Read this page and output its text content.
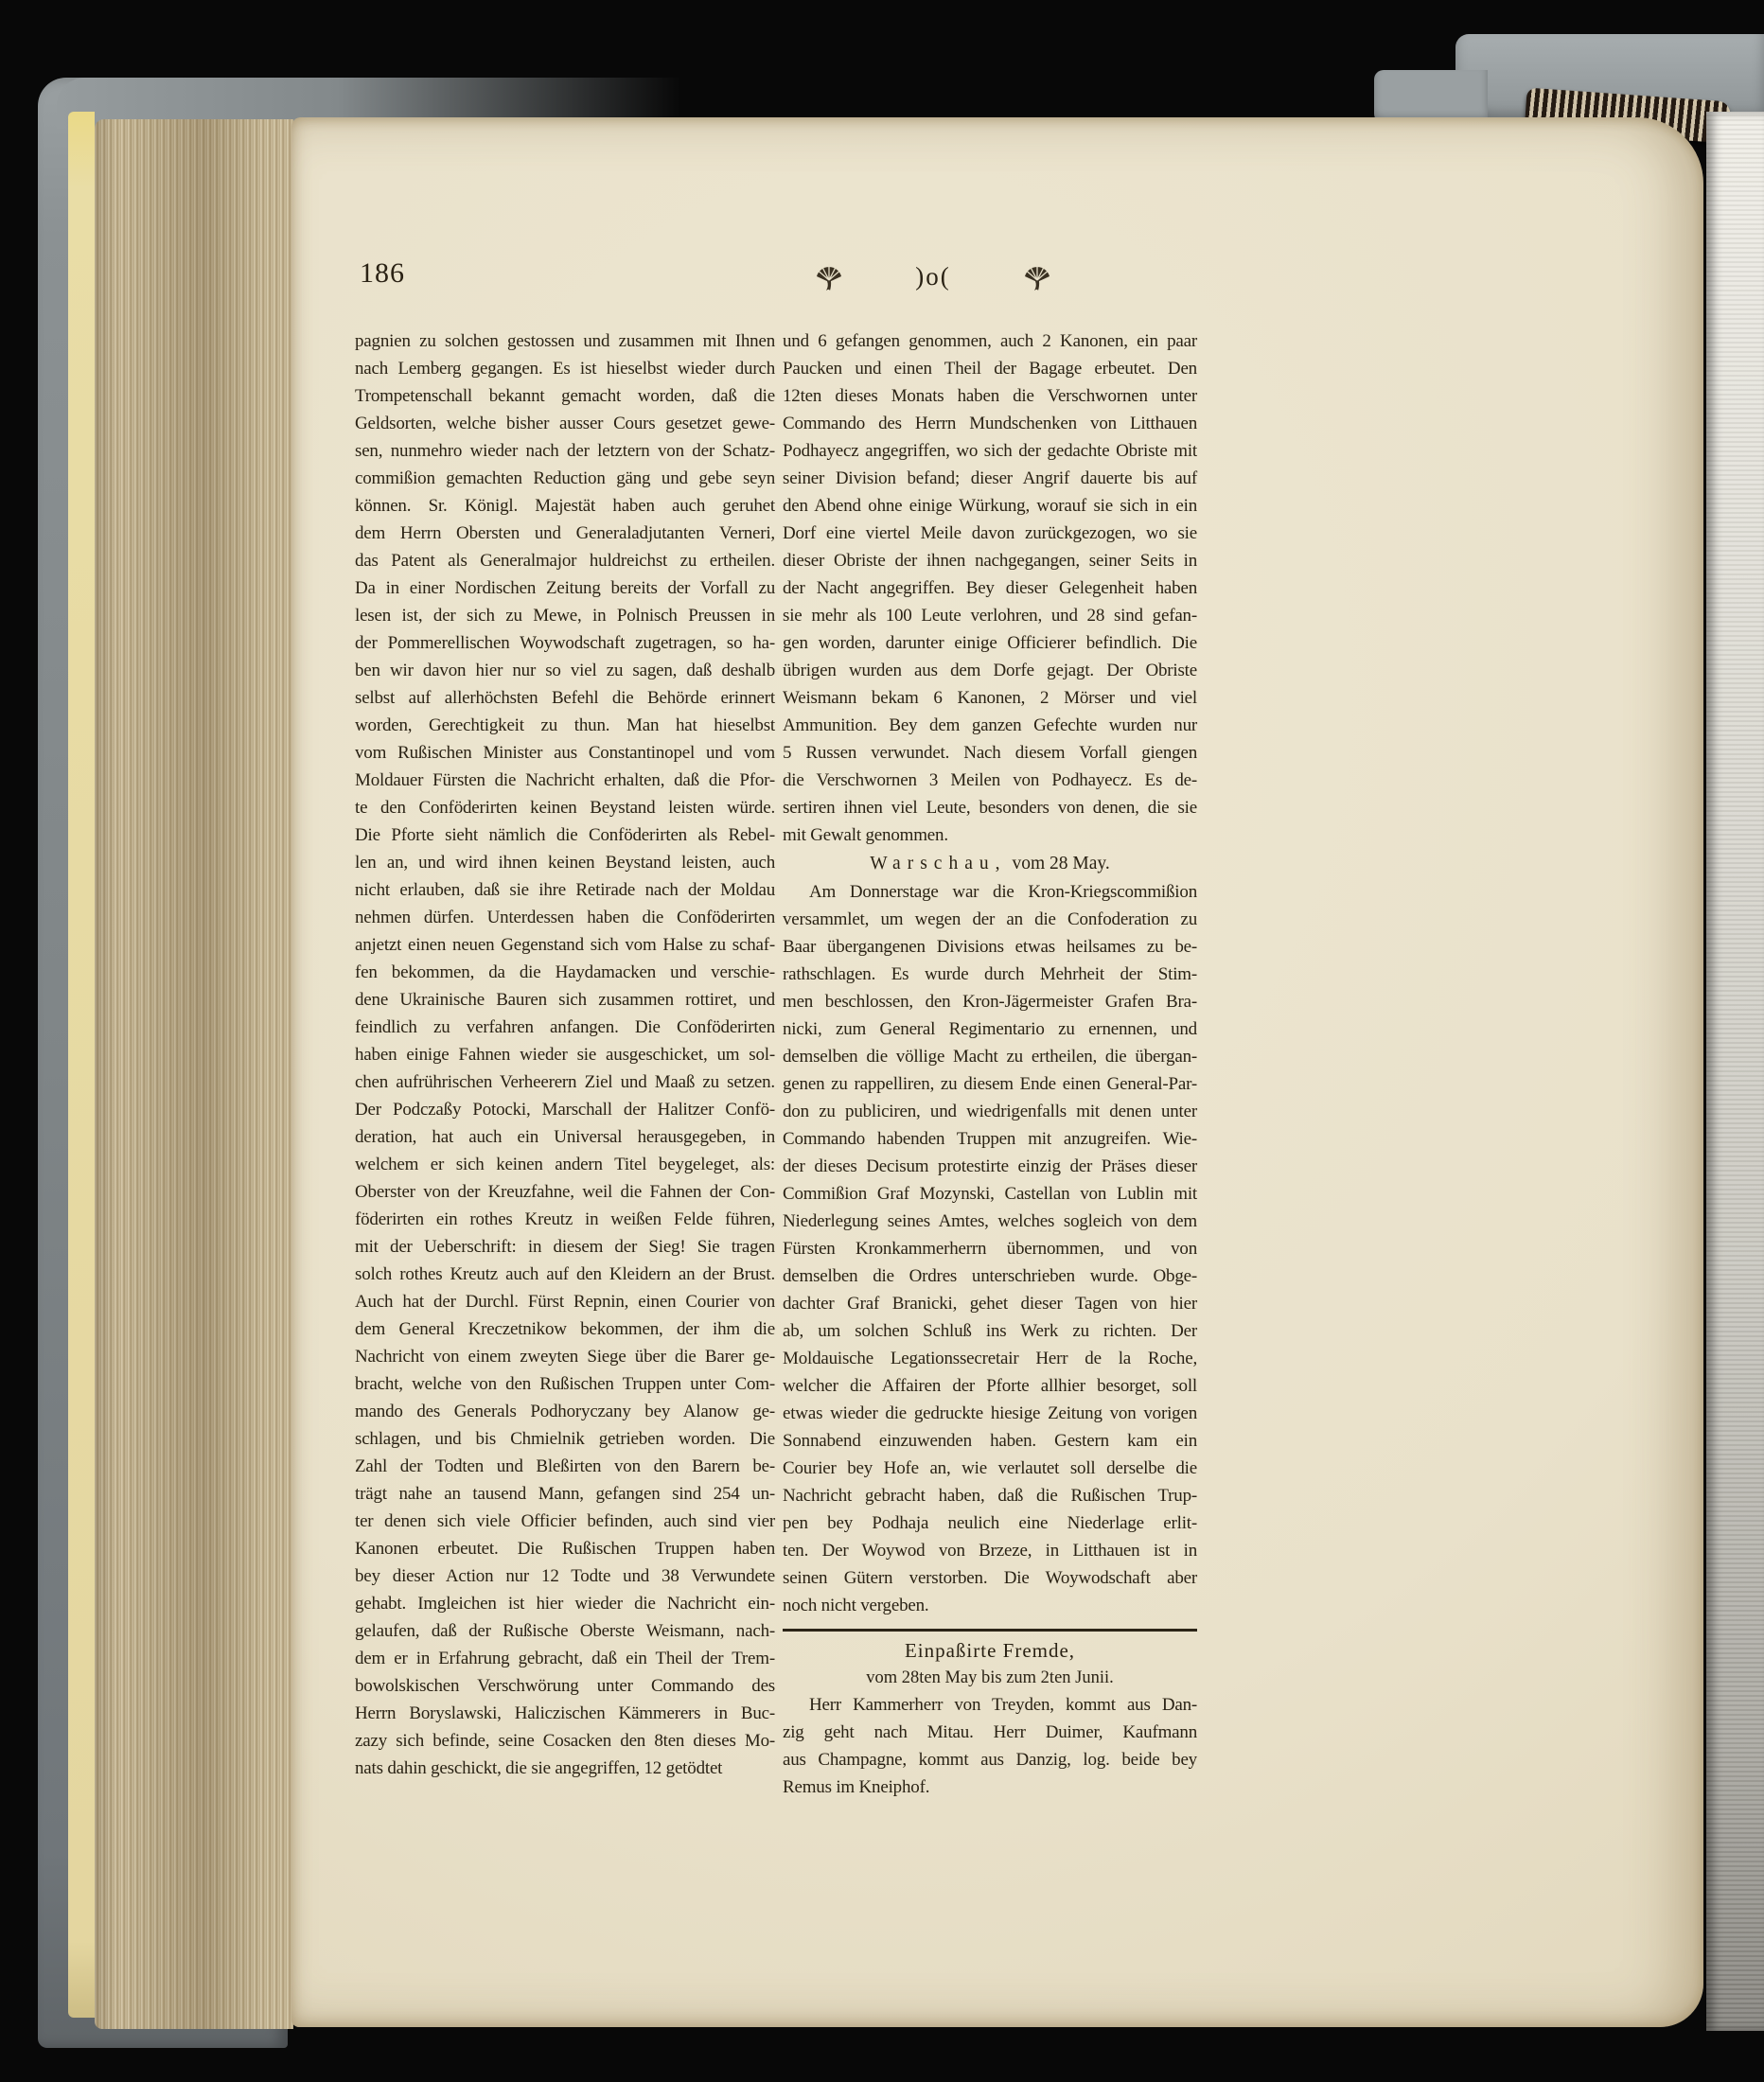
186	)o(
pagnien zu solchen gestossen und zusammen mit Ihnen
nach Lemberg gegangen. Es ist hieselbst wieder durch
Trompetenschall bekannt gemacht worden, daß die
Geldsorten, welche bisher ausser Cours gesetzet gewe-
sen, nunmehro wieder nach der letztern von der Schatz-
commißion gemachten Reduction gäng und gebe seyn
können. Sr. Königl. Majestät haben auch geruhet
dem Herrn Obersten und Generaladjutanten Verneri,
das Patent als Generalmajor huldreichst zu ertheilen.
Da in einer Nordischen Zeitung bereits der Vorfall zu
lesen ist, der sich zu Mewe, in Polnisch Preussen in
der Pommerellischen Woywodschaft zugetragen, so ha-
ben wir davon hier nur so viel zu sagen, daß deshalb
selbst auf allerhöchsten Befehl die Behörde erinnert
worden, Gerechtigkeit zu thun. Man hat hieselbst
vom Rußischen Minister aus Constantinopel und vom
Moldauer Fürsten die Nachricht erhalten, daß die Pfor-
te den Conföderirten keinen Beystand leisten würde.
Die Pforte sieht nämlich die Conföderirten als Rebel-
len an, und wird ihnen keinen Beystand leisten, auch
nicht erlauben, daß sie ihre Retirade nach der Moldau
nehmen dürfen. Unterdessen haben die Conföderirten
anjetzt einen neuen Gegenstand sich vom Halse zu schaf-
fen bekommen, da die Haydamacken und verschie-
dene Ukrainische Bauren sich zusammen rottiret, und
feindlich zu verfahren anfangen. Die Conföderirten
haben einige Fahnen wieder sie ausgeschicket, um sol-
chen aufrührischen Verheerern Ziel und Maaß zu setzen.
Der Podczaßy Potocki, Marschall der Halitzer Confö-
deration, hat auch ein Universal herausgegeben, in
welchem er sich keinen andern Titel beygeleget, als:
Oberster von der Kreuzfahne, weil die Fahnen der Con-
föderirten ein rothes Kreutz in weißen Felde führen,
mit der Ueberschrift: in diesem der Sieg! Sie tragen
solch rothes Kreutz auch auf den Kleidern an der Brust.
Auch hat der Durchl. Fürst Repnin, einen Courier von
dem General Kreczetnikow bekommen, der ihm die
Nachricht von einem zweyten Siege über die Barer ge-
bracht, welche von den Rußischen Truppen unter Com-
mando des Generals Podhoryczany bey Alanow ge-
schlagen, und bis Chmielnik getrieben worden. Die
Zahl der Todten und Bleßirten von den Barern be-
trägt nahe an tausend Mann, gefangen sind 254 un-
ter denen sich viele Officier befinden, auch sind vier
Kanonen erbeutet. Die Rußischen Truppen haben
bey dieser Action nur 12 Todte und 38 Verwundete
gehabt. Imgleichen ist hier wieder die Nachricht ein-
gelaufen, daß der Rußische Oberste Weismann, nach-
dem er in Erfahrung gebracht, daß ein Theil der Trem-
bowolskischen Verschwörung unter Commando des
Herrn Boryslawski, Haliczischen Kämmerers in Buc-
zazy sich befinde, seine Cosacken den 8ten dieses Mo-
nats dahin geschickt, die sie angegriffen, 12 getödtet
und 6 gefangen genommen, auch 2 Kanonen, ein paar
Paucken und einen Theil der Bagage erbeutet. Den
12ten dieses Monats haben die Verschwornen unter
Commando des Herrn Mundschenken von Litthauen
Podhayecz angegriffen, wo sich der gedachte Obriste mit
seiner Division befand; dieser Angrif dauerte bis auf
den Abend ohne einige Würkung, worauf sie sich in ein
Dorf eine viertel Meile davon zurückgezogen, wo sie
dieser Obriste der ihnen nachgegangen, seiner Seits in
der Nacht angegriffen. Bey dieser Gelegenheit haben
sie mehr als 100 Leute verlohren, und 28 sind gefan-
gen worden, darunter einige Officierer befindlich. Die
übrigen wurden aus dem Dorfe gejagt. Der Obriste
Weismann bekam 6 Kanonen, 2 Mörser und viel
Ammunition. Bey dem ganzen Gefechte wurden nur
5 Russen verwundet. Nach diesem Vorfall giengen
die Verschwornen 3 Meilen von Podhayecz. Es de-
sertiren ihnen viel Leute, besonders von denen, die sie
mit Gewalt genommen.
Warschau, vom 28 May.
Am Donnerstage war die Kron-Kriegscommißion
versammlet, um wegen der an die Confoderation zu
Baar übergangenen Divisions etwas heilsames zu be-
rathschlagen. Es wurde durch Mehrheit der Stim-
men beschlossen, den Kron-Jägermeister Grafen Bra-
nicki, zum General Regimentario zu ernennen, und
demselben die völlige Macht zu ertheilen, die übergan-
genen zu rappelliren, zu diesem Ende einen General-Par-
don zu publiciren, und wiedrigenfalls mit denen unter
Commando habenden Truppen mit anzugreifen. Wie-
der dieses Decisum protestirte einzig der Präses dieser
Commißion Graf Mozynski, Castellan von Lublin mit
Niederlegung seines Amtes, welches sogleich von dem
Fürsten Kronkammerherrn übernommen, und von
demselben die Ordres unterschrieben wurde. Obge-
dachter Graf Branicki, gehet dieser Tagen von hier
ab, um solchen Schluß ins Werk zu richten. Der
Moldauische Legationssecretair Herr de la Roche,
welcher die Affairen der Pforte allhier besorget, soll
etwas wieder die gedruckte hiesige Zeitung von vorigen
Sonnabend einzuwenden haben. Gestern kam ein
Courier bey Hofe an, wie verlautet soll derselbe die
Nachricht gebracht haben, daß die Rußischen Trup-
pen bey Podhaja neulich eine Niederlage erlit-
ten. Der Woywod von Brzeze, in Litthauen ist in
seinen Gütern verstorben. Die Woywodschaft aber
noch nicht vergeben.
Einpaßirte Fremde,
vom 28ten May bis zum 2ten Junii.
Herr Kammerherr von Treyden, kommt aus Dan-
zig geht nach Mitau. Herr Duimer, Kaufmann
aus Champagne, kommt aus Danzig, log. beide bey
Remus im Kneiphof.
